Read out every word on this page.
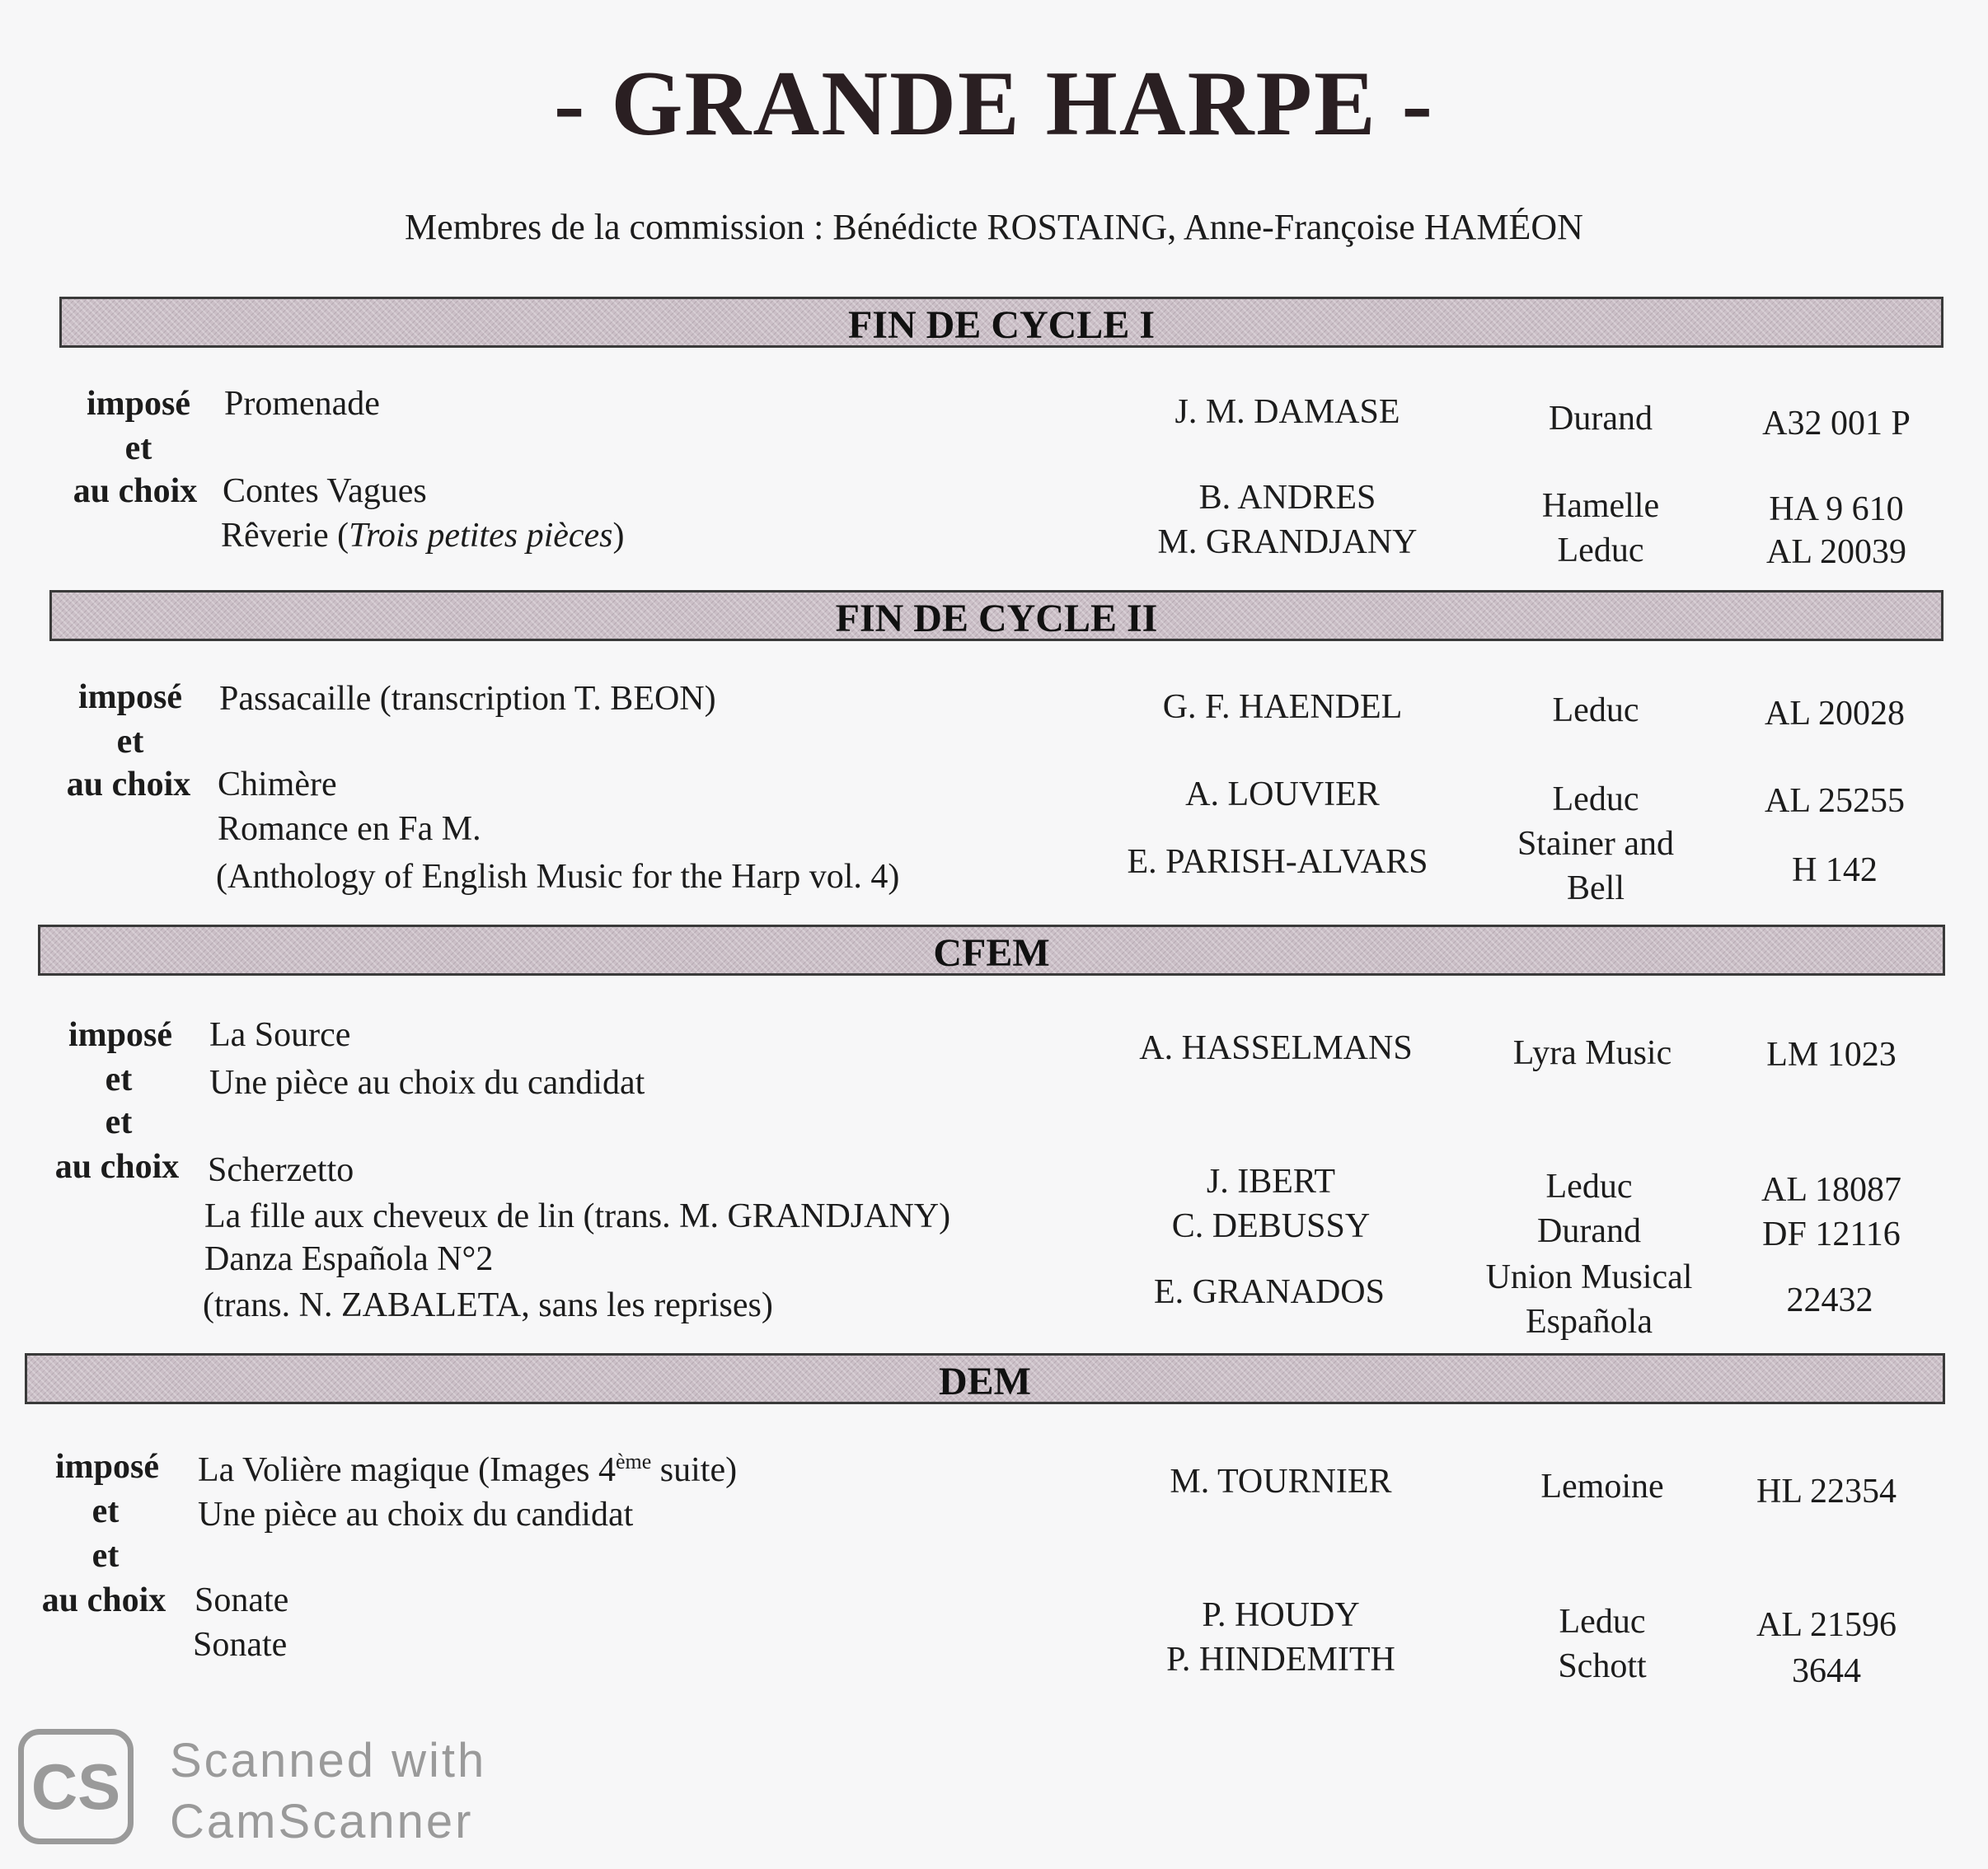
- GRANDE HARPE -
Membres de la commission : Bénédicte ROSTAING, Anne-Françoise HAMÉON
FIN DE CYCLE I
imposé
et
au choix
Promenade
Contes Vagues
Rêverie (Trois petites pièces)
J. M. DAMASE
B. ANDRES
M. GRANDJANY
Durand
Hamelle
Leduc
A32 001 P
HA 9 610
AL 20039
FIN DE CYCLE II
imposé
et
au choix
Passacaille (transcription T. BEON)
Chimère
Romance en Fa M.
(Anthology of English Music for the Harp vol. 4)
G. F. HAENDEL
A. LOUVIER
E. PARISH-ALVARS
Leduc
Leduc
Stainer and
Bell
AL 20028
AL 25255
H 142
CFEM
imposé
et
et
au choix
La Source
Une pièce au choix du candidat
Scherzetto
La fille aux cheveux de lin (trans. M. GRANDJANY)
Danza Española N°2
(trans. N. ZABALETA, sans les reprises)
A. HASSELMANS
J. IBERT
C. DEBUSSY
E. GRANADOS
Lyra Music
Leduc
Durand
Union Musical
Española
LM 1023
AL 18087
DF 12116
22432
DEM
imposé
et
et
au choix
La Volière magique (Images 4ème suite)
Une pièce au choix du candidat
Sonate
Sonate
M. TOURNIER
P. HOUDY
P. HINDEMITH
Lemoine
Leduc
Schott
HL 22354
AL 21596
3644
CS Scanned with
CamScanner
